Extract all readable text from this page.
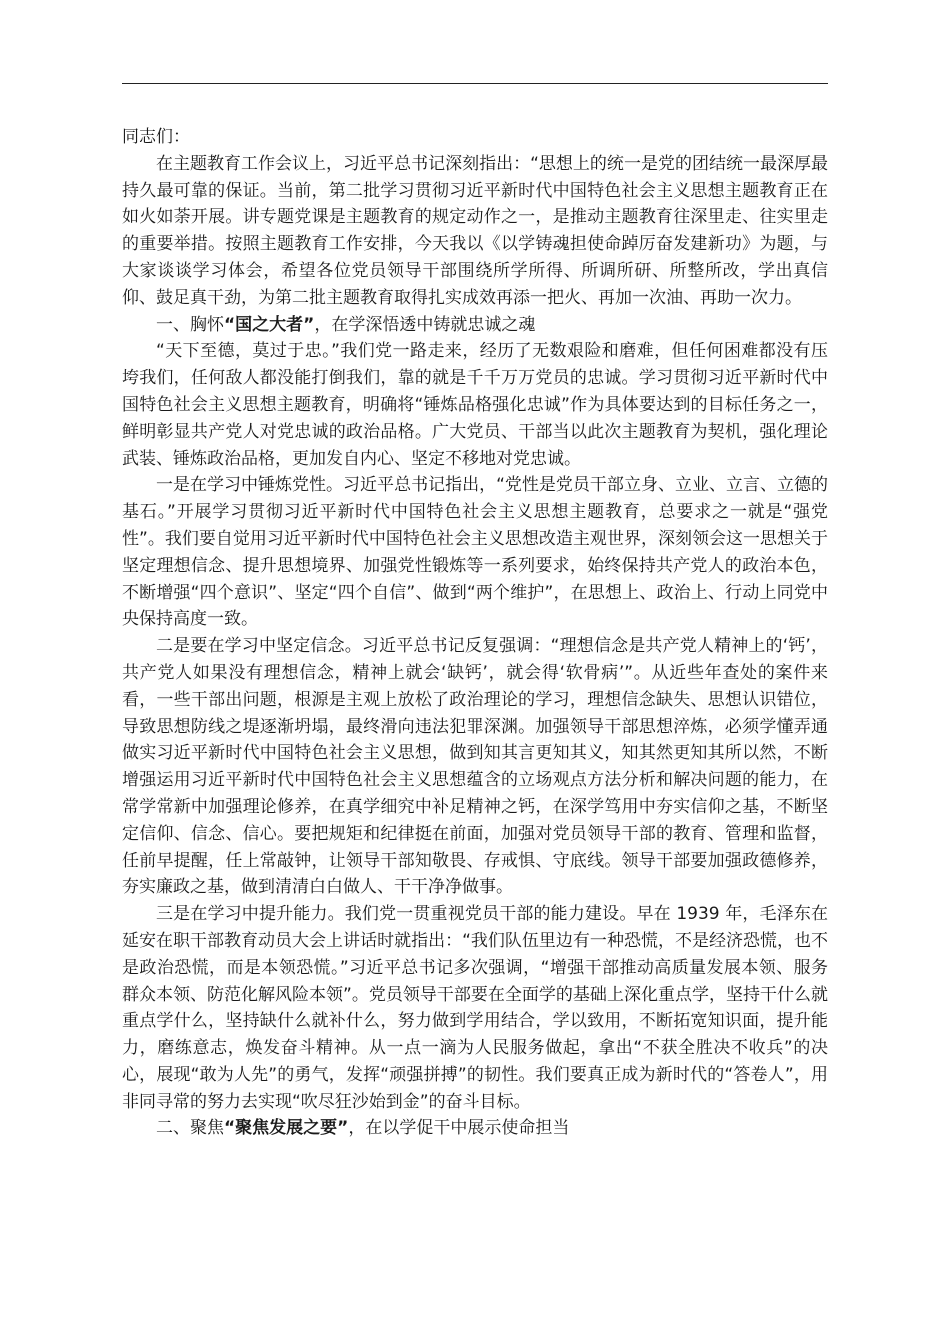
同志们：

在主题教育工作会议上，习近平总书记深刻指出：“思想上的统一是党的团结统一最深厚最持久最可靠的保证。当前，第二批学习贯彻习近平新时代中国特色社会主义思想主题教育正在如火如荼开展。讲专题党课是主题教育的规定动作之一，是推动主题教育往深里走、往实里走的重要举措。按照主题教育工作安排，今天我以《以学铸魂担使命踔厉奋发建新功》为题，与大家谈谈学习体会，希望各位党员领导干部围绕所学所得、所调所研、所整所改，学出真信仰、鼓足真干劲，为第二批主题教育取得扎实成效再添一把火、再加一次油、再助一次力。

一、胸怀“国之大者”，在学深悟透中铸就忠诚之魂

“天下至德，莫过于忠。”我们党一路走来，经历了无数艰险和磨难，但任何困难都没有压垮我们，任何敌人都没能打倒我们，靠的就是千千万万党员的忠诚。学习贯彻习近平新时代中国特色社会主义思想主题教育，明确将“锤炼品格强化忠诚”作为具体要达到的目标任务之一，鲜明彰显共产党人对党忠诚的政治品格。广大党员、干部当以此次主题教育为契机，强化理论武装、锤炼政治品格，更加发自内心、坚定不移地对党忠诚。

一是在学习中锤炼党性。习近平总书记指出，“党性是党员干部立身、立业、立言、立德的基石。”开展学习贯彻习近平新时代中国特色社会主义思想主题教育，总要求之一就是“强党性”。我们要自觉用习近平新时代中国特色社会主义思想改造主观世界，深刻领会这一思想关于坚定理想信念、提升思想境界、加强党性锻炼等一系列要求，始终保持共产党人的政治本色，不断增强“四个意识”、坚定“四个自信”、做到“两个维护”，在思想上、政治上、行动上同党中央保持高度一致。

二是要在学习中坚定信念。习近平总书记反复强调：“理想信念是共产党人精神上的‘钙’，共产党人如果没有理想信念，精神上就会‘缺钙’，就会得‘软骨病’”。从近些年查处的案件来看，一些干部出问题，根源是主观上放松了政治理论的学习，理想信念缺失、思想认识错位，导致思想防线之堤逐渐坍塌，最终滑向违法犯罪深渊。加强领导干部思想淬炼，必须学懂弄通做实习近平新时代中国特色社会主义思想，做到知其言更知其义，知其然更知其所以然，不断增强运用习近平新时代中国特色社会主义思想蕴含的立场观点方法分析和解决问题的能力，在常学常新中加强理论修养，在真学细究中补足精神之钙，在深学笃用中夯实信仰之基，不断坚定信仰、信念、信心。要把规矩和纪律挺在前面，加强对党员领导干部的教育、管理和监督，任前早提醒，任上常敲钟，让领导干部知敬畏、存戒惧、守底线。领导干部要加强政德修养，夯实廉政之基，做到清清白白做人、干干净净做事。

三是在学习中提升能力。我们党一贯重视党员干部的能力建设。早在 1939 年，毛泽东在延安在职干部教育动员大会上讲话时就指出：“我们队伍里边有一种恐慌，不是经济恐慌，也不是政治恐慌，而是本领恐慌。”习近平总书记多次强调，“增强干部推动高质量发展本领、服务群众本领、防范化解风险本领”。党员领导干部要在全面学的基础上深化重点学，坚持干什么就重点学什么，坚持缺什么就补什么，努力做到学用结合，学以致用，不断拓宽知识面，提升能力，磨练意志，焕发奋斗精神。从一点一滴为人民服务做起，拿出“不获全胜决不收兵”的决心，展现“敢为人先”的勇气，发挥“顽强拼搏”的韧性。我们要真正成为新时代的“答卷人”，用非同寻常的努力去实现“吹尽狂沙始到金”的奋斗目标。

二、聚焦“聚焦发展之要”，在以学促干中展示使命担当
